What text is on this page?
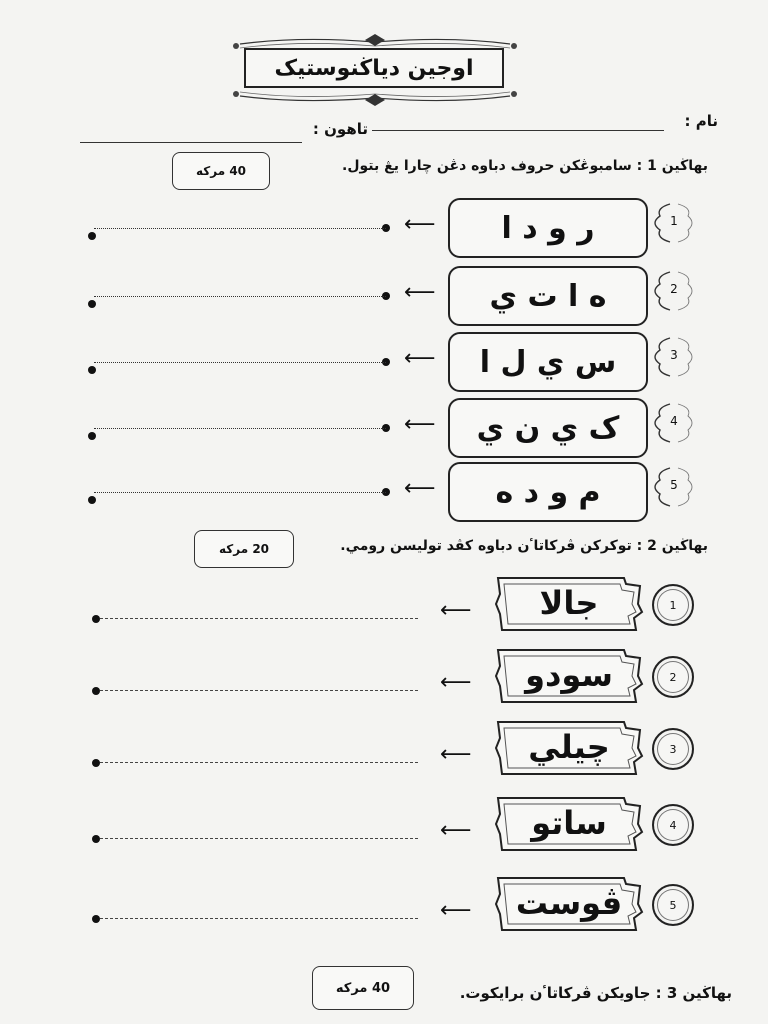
اوجين دياڬنوستيک
نام :
تاهون :
بهاڬين 1 : سامبوڠکن حروف دباوه دڠن چارا يڠ بتول.
40 مرکه
1
ر و د ا
⟵
2
ه ا ت ي
⟵
3
س ي ل ا
⟵
4
ک ي ن ي
⟵
5
م و د ه
⟵
بهاڬين 2 : توکرکن ڤرکاتاٴن دباوه کڤد توليسن رومي.
20 مرکه
1
جالا
⟵
2
سودو
⟵
3
چيلي
⟵
4
ساتو
⟵
5
ڤوست
⟵
بهاڬين 3 : جاويکن ڤرکاتاٴن برايکوت.
40 مرکه
